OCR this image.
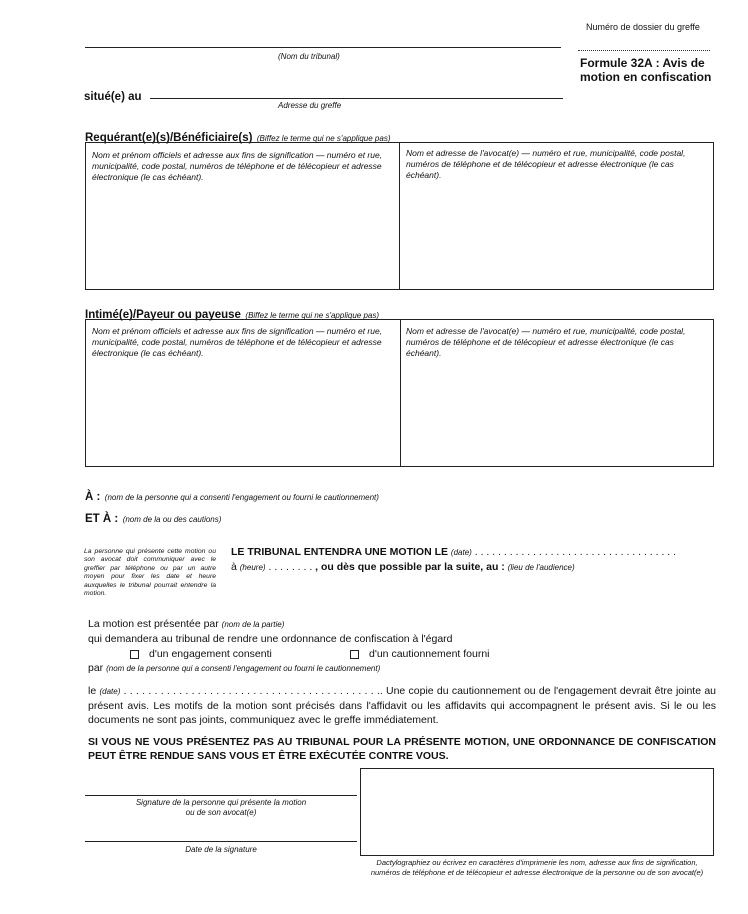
Numéro de dossier du greffe
Formule 32A : Avis de
motion en confiscation
(Nom du tribunal)
situé(e) au
Adresse du greffe
Requérant(e)(s)/Bénéficiaire(s) (Biffez le terme qui ne s'applique pas)
Nom et prénom officiels et adresse aux fins de signification — numéro et rue, municipalité, code postal, numéros de téléphone et de télécopieur et adresse électronique (le cas échéant).
Nom et adresse de l'avocat(e) — numéro et rue, municipalité, code postal, numéros de téléphone et de télécopieur et adresse électronique (le cas échéant).
Intimé(e)/Payeur ou payeuse (Biffez le terme qui ne s'applique pas)
Nom et prénom officiels et adresse aux fins de signification — numéro et rue, municipalité, code postal, numéros de téléphone et de télécopieur et adresse électronique (le cas échéant).
Nom et adresse de l'avocat(e) — numéro et rue, municipalité, code postal, numéros de téléphone et de télécopieur et adresse électronique (le cas échéant).
À : (nom de la personne qui a consenti l'engagement ou fourni le cautionnement)
ET À : (nom de la ou des cautions)
La personne qui présente cette motion ou son avocat doit communiquer avec le greffier par téléphone ou par un autre moyen pour fixer les date et heure auxquelles le tribunal pourrait entendre la motion.
LE TRIBUNAL ENTENDRA UNE MOTION LE (date) . . . . . . . . . . . . . . . . . . . . . . . . . . . . . . . . . . .
à (heure) . . . . . . . . , ou dès que possible par la suite, au : (lieu de l'audience)
La motion est présentée par (nom de la partie)
qui demandera au tribunal de rendre une ordonnance de confiscation à l'égard
d'un engagement consenti	d'un cautionnement fourni
par (nom de la personne qui a consenti l'engagement ou fourni le cautionnement)
le (date) . . . . . . . . . . . . . . . . . . . . . . . . . . . . . . . . . . . . . . . . . .. Une copie du cautionnement ou de l'engagement devrait être jointe au présent avis. Les motifs de la motion sont précisés dans l'affidavit ou les affidavits qui accompagnent le présent avis. Si le ou les documents ne sont pas joints, communiquez avec le greffe immédiatement.
SI VOUS NE VOUS PRÉSENTEZ PAS AU TRIBUNAL POUR LA PRÉSENTE MOTION, UNE ORDONNANCE DE CONFISCATION PEUT ÊTRE RENDUE SANS VOUS ET ÊTRE EXÉCUTÉE CONTRE VOUS.
Signature de la personne qui présente la motion
ou de son avocat(e)
Date de la signature
Dactylographiez ou écrivez en caractères d'imprimerie les nom, adresse aux fins de signification, numéros de téléphone et de télécopieur et adresse électronique de la personne ou de son avocat(e)
